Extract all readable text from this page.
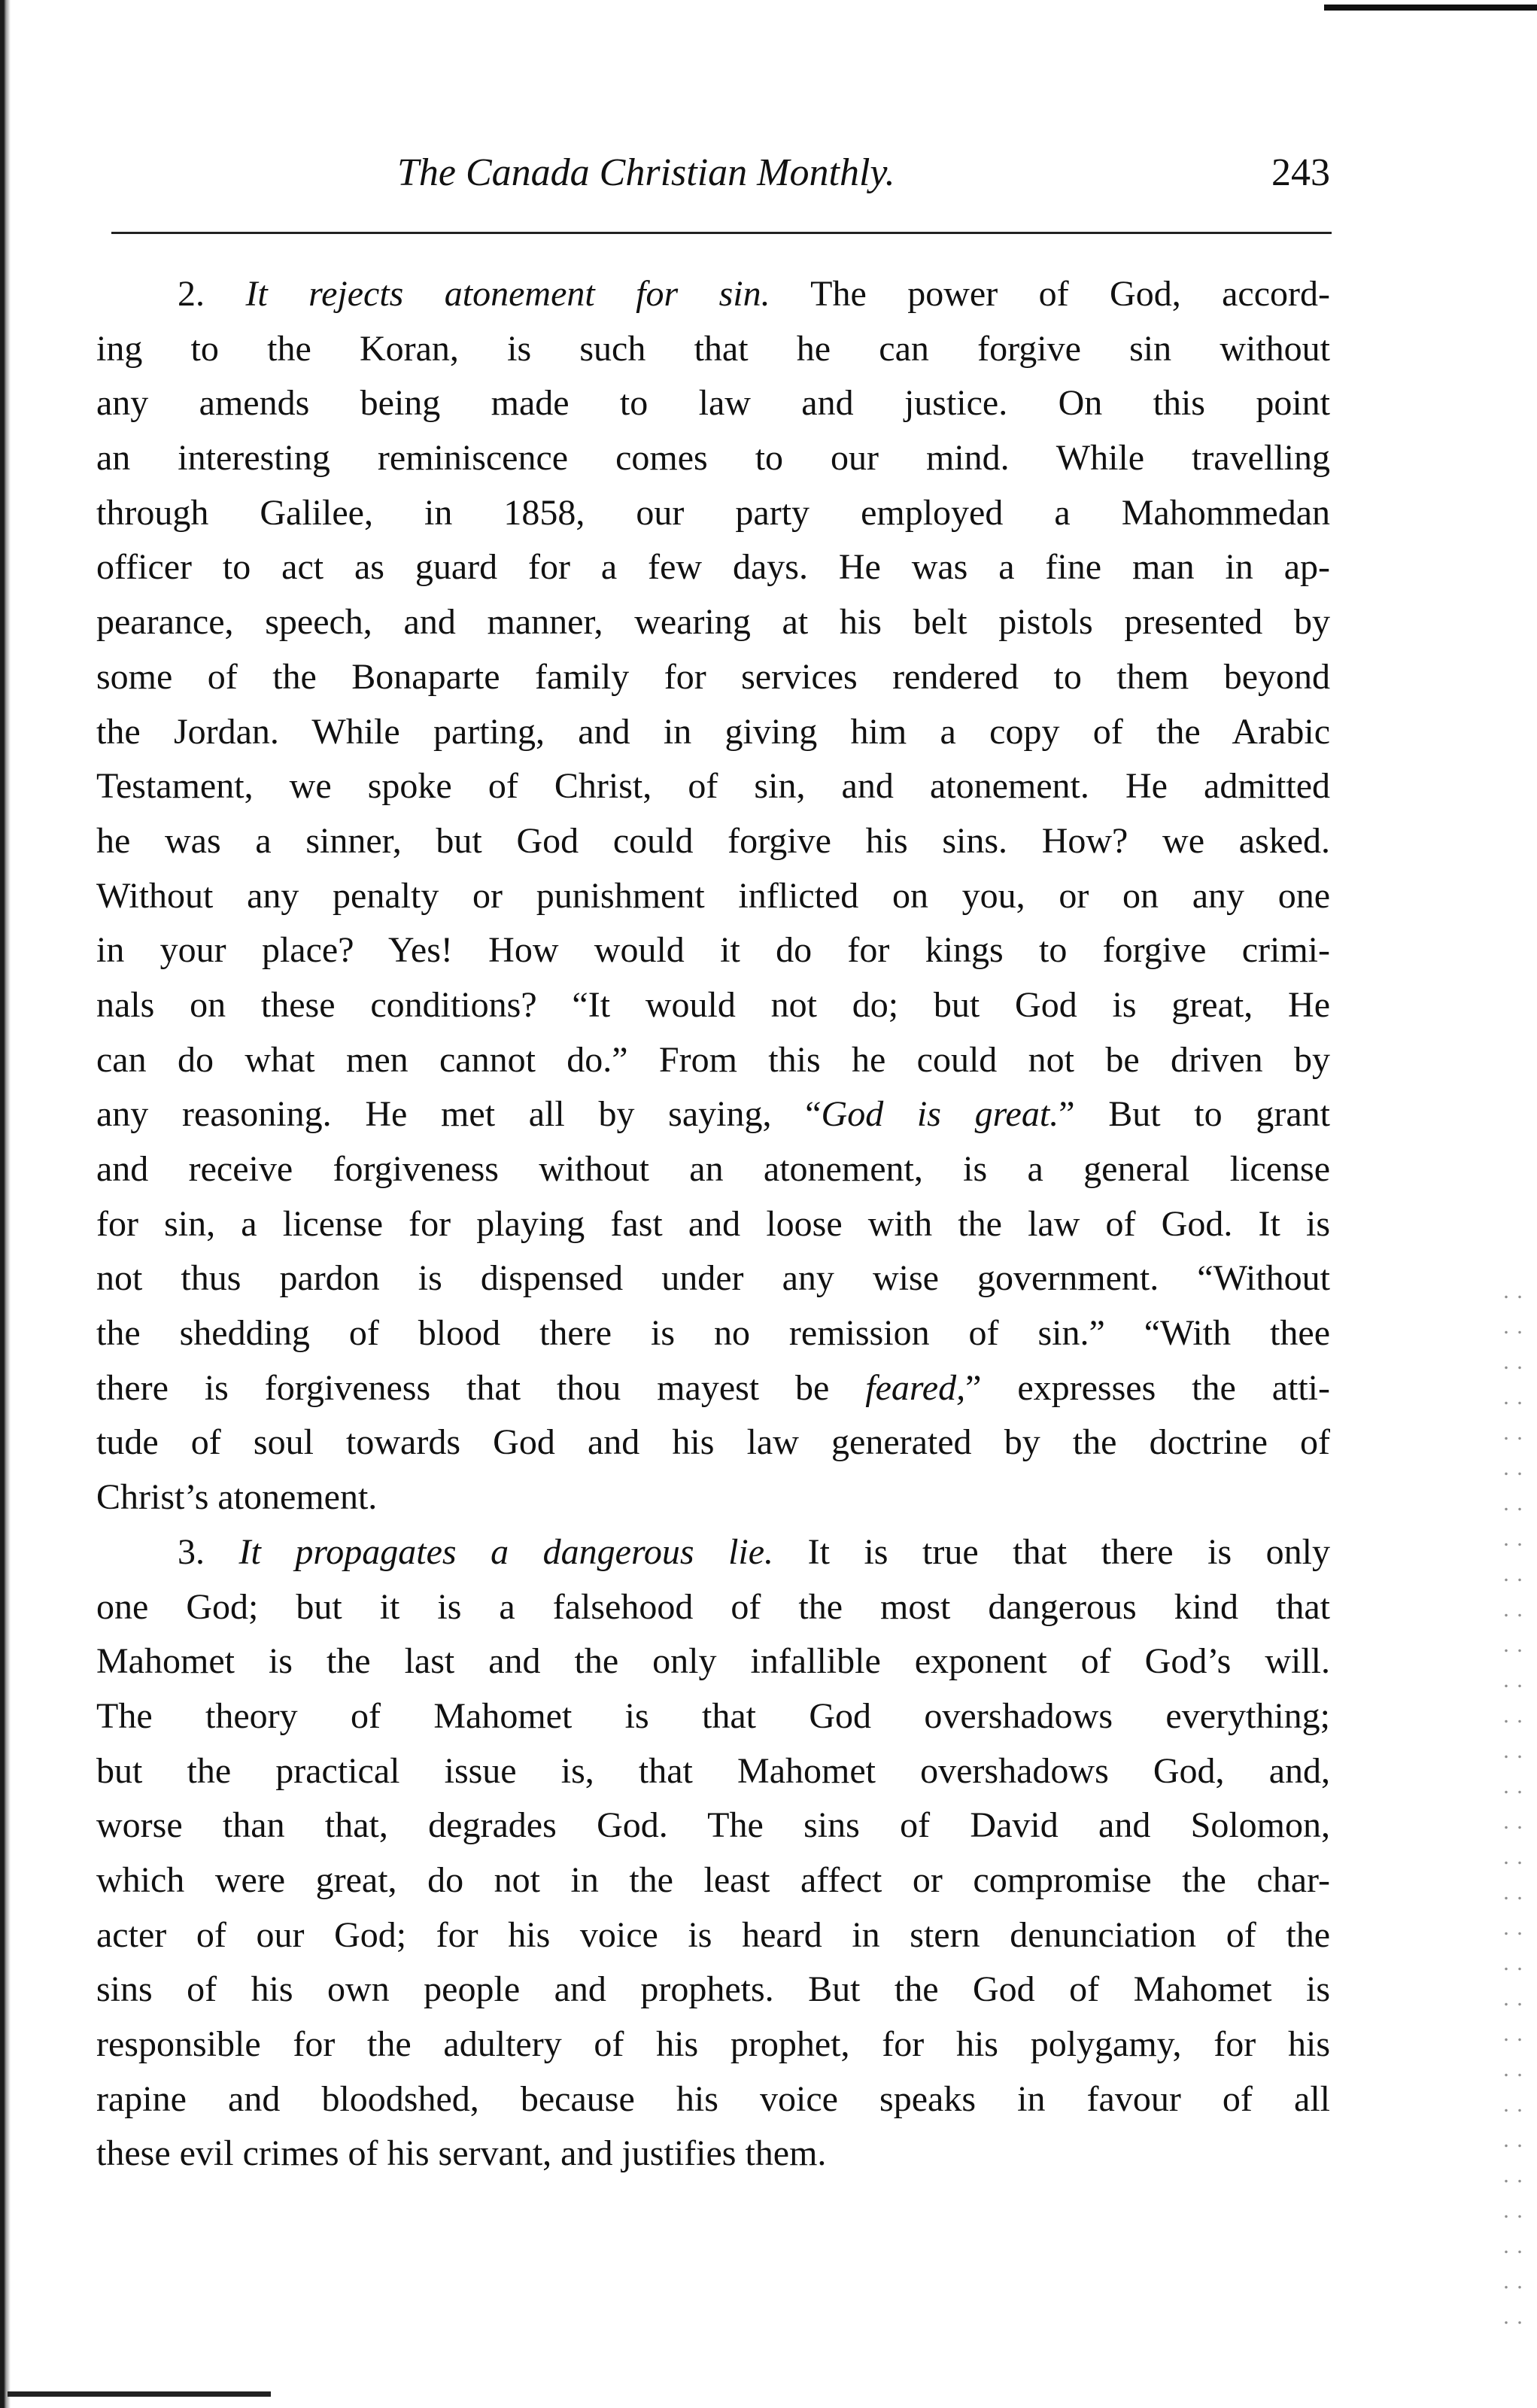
The Canada Christian Monthly.	243
2. It rejects atonement for sin. The power of God, accord-
ing to the Koran, is such that he can forgive sin without
any amends being made to law and justice. On this point
an interesting reminiscence comes to our mind. While travelling
through Galilee, in 1858, our party employed a Mahommedan
officer to act as guard for a few days. He was a fine man in ap-
pearance, speech, and manner, wearing at his belt pistols presented by
some of the Bonaparte family for services rendered to them beyond
the Jordan. While parting, and in giving him a copy of the Arabic
Testament, we spoke of Christ, of sin, and atonement. He admitted
he was a sinner, but God could forgive his sins. How? we asked.
Without any penalty or punishment inflicted on you, or on any one
in your place? Yes! How would it do for kings to forgive crimi-
nals on these conditions? “It would not do; but God is great, He
can do what men cannot do.” From this he could not be driven by
any reasoning. He met all by saying, “God is great.” But to grant
and receive forgiveness without an atonement, is a general license
for sin, a license for playing fast and loose with the law of God. It is
not thus pardon is dispensed under any wise government. “Without
the shedding of blood there is no remission of sin.” “With thee
there is forgiveness that thou mayest be feared,” expresses the atti-
tude of soul towards God and his law generated by the doctrine of
Christ’s atonement.
3. It propagates a dangerous lie. It is true that there is only
one God; but it is a falsehood of the most dangerous kind that
Mahomet is the last and the only infallible exponent of God’s will.
The theory of Mahomet is that God overshadows everything;
but the practical issue is, that Mahomet overshadows God, and,
worse than that, degrades God. The sins of David and Solomon,
which were great, do not in the least affect or compromise the char-
acter of our God; for his voice is heard in stern denunciation of the
sins of his own people and prophets. But the God of Mahomet is
responsible for the adultery of his prophet, for his polygamy, for his
rapine and bloodshed, because his voice speaks in favour of all
these evil crimes of his servant, and justifies them.
